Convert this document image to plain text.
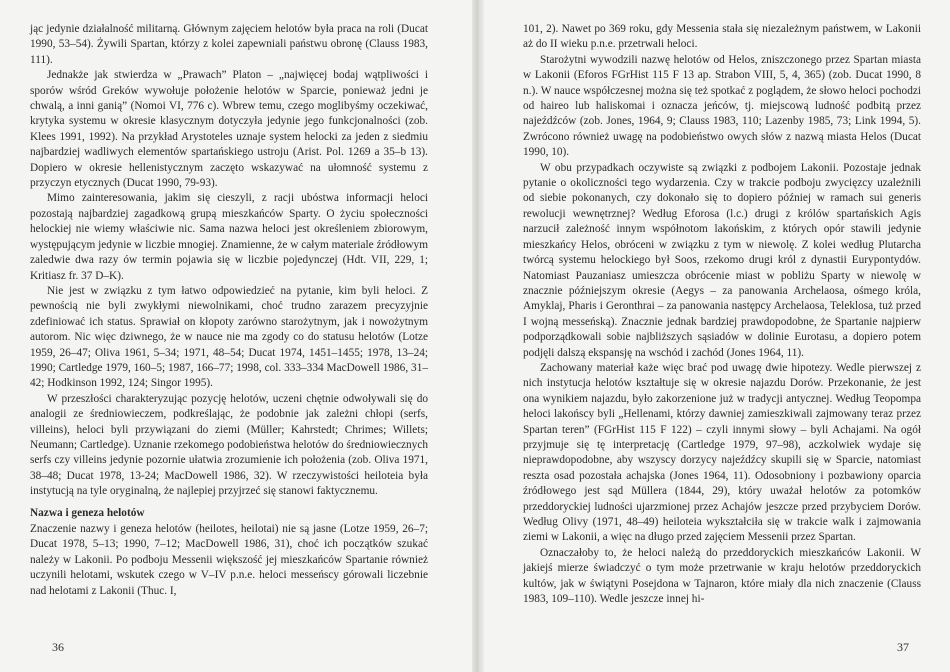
jąc jedynie działalność militarną. Głównym zajęciem helotów była praca na roli (Ducat 1990, 53–54). Żywili Spartan, którzy z kolei zapewniali państwu obronę (Clauss 1983, 111).

Jednakże jak stwierdza w „Prawach” Platon – „najwięcej bodaj wątpliwości i sporów wśród Greków wywołuje położenie helotów w Sparcie, ponieważ jedni je chwalą, a inni ganią” (Nomoi VI, 776 c). Wbrew temu, czego moglibyśmy oczekiwać, krytyka systemu w okresie klasycznym dotyczyła jedynie jego funkcjonalności (zob. Klees 1991, 1992). Na przykład Arystoteles uznaje system helocki za jeden z siedmiu najbardziej wadliwych elementów spartańskiego ustroju (Arist. Pol. 1269 a 35–b 13). Dopiero w okresie hellenistycznym zaczęto wskazywać na ułomność systemu z przyczyn etycznych (Ducat 1990, 79-93).

Mimo zainteresowania, jakim się cieszyli, z racji ubóstwa informacji heloci pozostają najbardziej zagadkową grupą mieszkańców Sparty. O życiu społeczności helockiej nie wiemy właściwie nic. Sama nazwa heloci jest określeniem zbiorowym, występującym jedynie w liczbie mnogiej. Znamienne, że w całym materiale źródłowym zaledwie dwa razy ów termin pojawia się w liczbie pojedynczej (Hdt. VII, 229, 1; Kritiasz fr. 37 D–K).

Nie jest w związku z tym łatwo odpowiedzieć na pytanie, kim byli heloci. Z pewnością nie byli zwykłymi niewolnikami, choć trudno zarazem precyzyjnie zdefiniować ich status. Sprawiał on kłopoty zarówno starożytnym, jak i nowożytnym autorom. Nic więc dziwnego, że w nauce nie ma zgody co do statusu helotów (Lotze 1959, 26–47; Oliva 1961, 5–34; 1971, 48–54; Ducat 1974, 1451–1455; 1978, 13–24; 1990; Cartledge 1979, 160–5; 1987, 166–77; 1998, col. 333–334 MacDowell 1986, 31–42; Hodkinson 1992, 124; Singor 1995).

W przeszłości charakteryzując pozycję helotów, uczeni chętnie odwoływali się do analogii ze średniowieczem, podkreślając, że podobnie jak zależni chłopi (serfs, villeins), heloci byli przywiązani do ziemi (Müller; Kahrstedt; Chrimes; Willets; Neumann; Cartledge). Uznanie rzekomego podobieństwa helotów do średniowiecznych serfs czy villeins jedynie pozornie ułatwia zrozumienie ich położenia (zob. Oliva 1971, 38–48; Ducat 1978, 13-24; MacDowell 1986, 32). W rzeczywistości heiloteia była instytucją na tyle oryginalną, że najlepiej przyjrzeć się stanowi faktycznemu.

Nazwa i geneza helotów

Znaczenie nazwy i geneza helotów (heilotes, heilotai) nie są jasne (Lotze 1959, 26–7; Ducat 1978, 5–13; 1990, 7–12; MacDowell 1986, 31), choć ich początków szukać należy w Lakonii. Po podboju Messenii większość jej mieszkańców Spartanie również uczynili helotami, wskutek czego w V–IV p.n.e. heloci messeńscy górowali liczebnie nad helotami z Lakonii (Thuc. I,

101, 2). Nawet po 369 roku, gdy Messenia stała się niezależnym państwem, w Lakonii aż do II wieku p.n.e. przetrwali heloci.

Starożytni wywodzili nazwę helotów od Helos, zniszczonego przez Spartan miasta w Lakonii (Eforos FGrHist 115 F 13 ap. Strabon VIII, 5, 4, 365) (zob. Ducat 1990, 8 n.). W nauce współczesnej można się też spotkać z poglądem, że słowo heloci pochodzi od haireo lub haliskomai i oznacza jeńców, tj. miejscową ludność podbitą przez najeźdźców (zob. Jones, 1964, 9; Clauss 1983, 110; Lazenby 1985, 73; Link 1994, 5). Zwrócono również uwagę na podobieństwo owych słów z nazwą miasta Helos (Ducat 1990, 10).

W obu przypadkach oczywiste są związki z podbojem Lakonii. Pozostaje jednak pytanie o okoliczności tego wydarzenia. Czy w trakcie podboju zwycięzcy uzależnili od siebie pokonanych, czy dokonało się to dopiero później w ramach sui generis rewolucji wewnętrznej? Według Eforosa (l.c.) drugi z królów spartańskich Agis narzucił zależność innym współnotom lakońskim, z których opór stawili jedynie mieszkańcy Helos, obróceni w związku z tym w niewolę. Z kolei według Plutarcha twórcą systemu helockiego był Soos, rzekomo drugi król z dynastii Eurypontydów. Natomiast Pauzaniasz umieszcza obrócenie miast w pobliżu Sparty w niewolę w znacznie późniejszym okresie (Aegys – za panowania Archelaosa, ośmego króla, Amyklaj, Pharis i Geronthrai – za panowania następcy Archelaosa, Teleklosa, tuż przed I wojną messeńską). Znacznie jednak bardziej prawdopodobne, że Spartanie najpierw podporządkowali sobie najbliższych sąsiadów w dolinie Eurotasu, a dopiero potem podjęli dalszą ekspansję na wschód i zachód (Jones 1964, 11).

Zachowany materiał każe więc brać pod uwagę dwie hipotezy. Wedle pierwszej z nich instytucja helotów kształtuje się w okresie najazdu Dorów. Przekonanie, że jest ona wynikiem najazdu, było zakorzenione już w tradycji antycznej. Według Teopompa heloci lakońscy byli „Hellenami, którzy dawniej zamieszkiwali zajmowany teraz przez Spartan teren” (FGrHist 115 F 122) – czyli innymi słowy – byli Achajami. Na ogół przyjmuje się tę interpretację (Cartledge 1979, 97–98), aczkolwiek wydaje się nieprawdopodobne, aby wszyscy dorzycy najeźdźcy skupili się w Sparcie, natomiast reszta osad pozostała achajska (Jones 1964, 11). Odosobniony i pozbawiony oparcia źródłowego jest sąd Müllera (1844, 29), który uważał helotów za potomków przeddoryckiej ludności ujarzmionej przez Achajów jeszcze przed przybyciem Dorów. Według Olivy (1971, 48–49) heiloteia wykształciła się w trakcie walk i zajmowania ziemi w Lakonii, a więc na długo przed zajęciem Messenii przez Spartan.

Oznaczałoby to, że heloci należą do przeddoryckich mieszkańców Lakonii. W jakiejś mierze świadczyć o tym może przetrwanie w kraju helotów przeddoryckich kultów, jak w świątyni Posejdona w Tajnaron, które miały dla nich znaczenie (Clauss 1983, 109–110). Wedle jeszcze innej hi-

36	37
